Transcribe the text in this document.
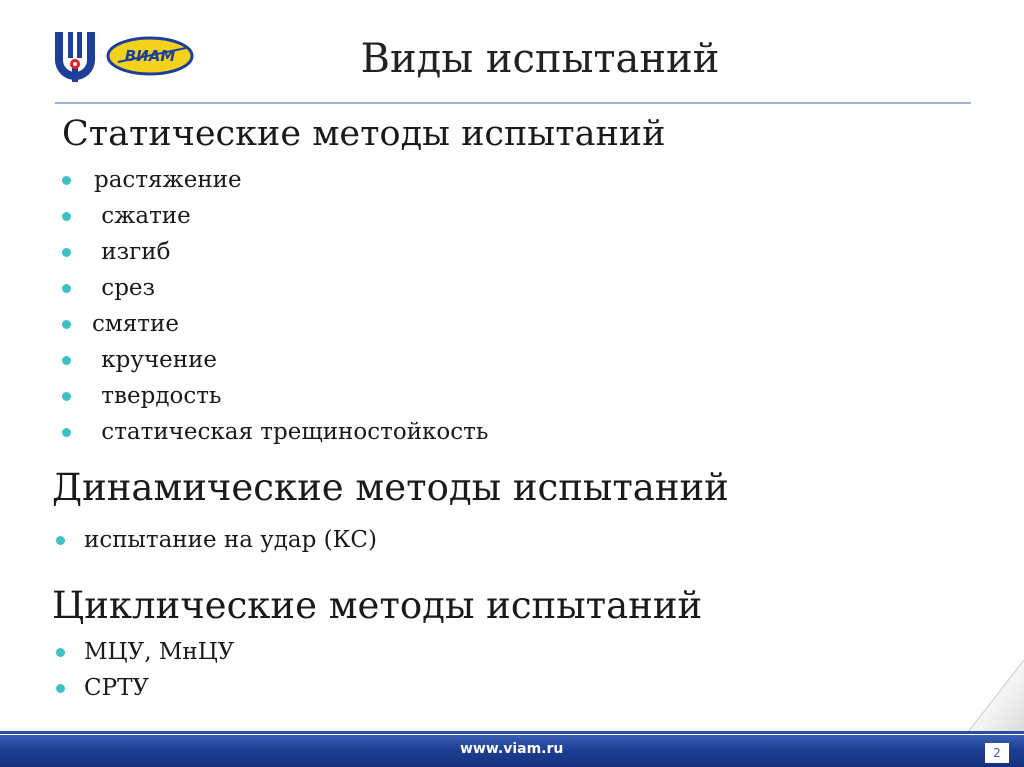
ВИАМ	Виды испытаний
Статические методы испытаний
растяжение
сжатие
изгиб
срез
смятие
кручение
твердость
статическая трещиностойкость
Динамические методы испытаний
испытание на удар (КС)
Циклические методы испытаний
МЦУ, МнЦУ
СРТУ
www.viam.ru	2
